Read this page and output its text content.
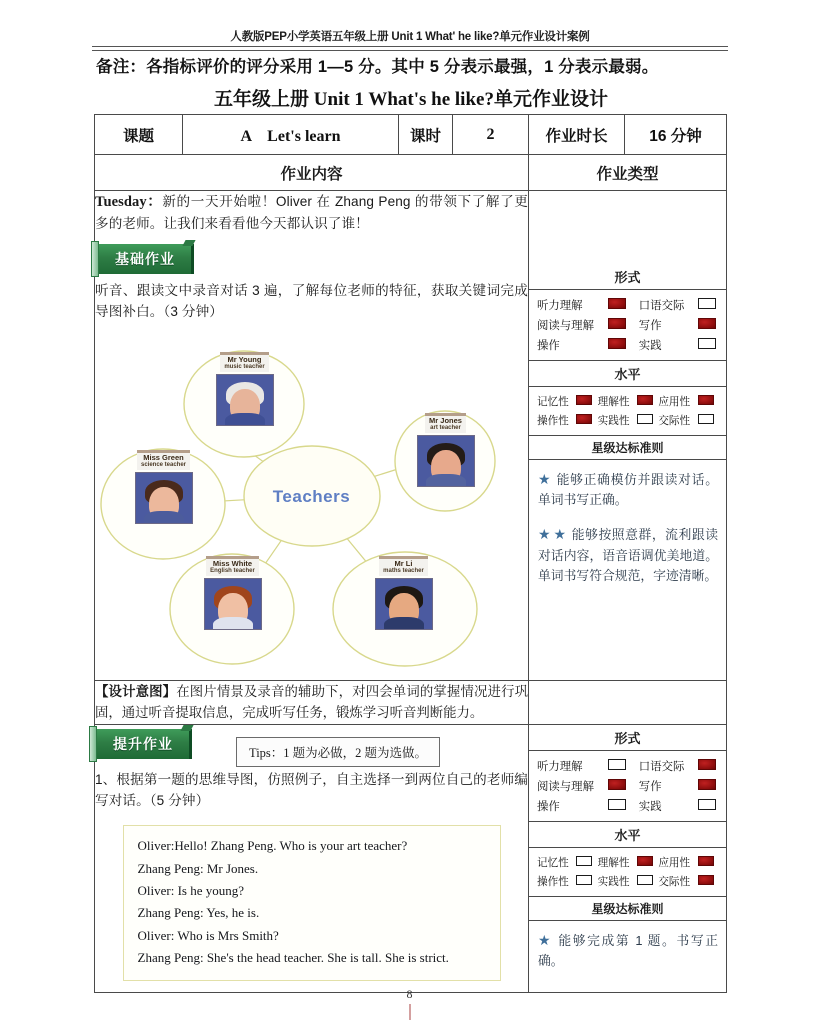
人教版PEP小学英语五年级上册 Unit 1 What' he like?单元作业设计案例
备注：各指标评价的评分采用 1—5 分。其中 5 分表示最强，1 分表示最弱。
五年级上册 Unit 1 What's he like?单元作业设计
课题	A　Let's learn	课时	2	作业时长	16 分钟
作业内容	作业类型

Tuesday：新的一天开始啦！Oliver 在 Zhang Peng 的带领下了解了更多的老师。让我们来看看他今天都认识了谁！
基础作业
听音、跟读文中录音对话 3 遍，了解每位老师的特征，获取关键词完成导图补白。（3 分钟）
Mr Young
music teacher
Mr Jones
art teacher
Miss Green
science teacher
Miss White
English teacher
Mr Li
maths teacher
Teachers

形式
听力理解		口语交际	
阅读与理解		写作	
操作		实践	
水平
记忆性		理解性		应用性	
操作性		实践性		交际性	
星级达标准则
★ 能够正确模仿并跟读对话。单词书写正确。
★ ★ 能够按照意群，流利跟读对话内容，语音语调优美地道。单词书写符合规范，字迹清晰。

【设计意图】在图片情景及录音的辅助下，对四会单词的掌握情况进行巩固，通过听音提取信息，完成听写任务，锻炼学习听音判断能力。	

提升作业
Tips：1 题为必做，2 题为选做。
1、根据第一题的思维导图，仿照例子，自主选择一到两位自己的老师编写对话。（5 分钟）
Oliver:Hello! Zhang Peng. Who is your art teacher?
Zhang Peng: Mr Jones.
Oliver: Is he young?
Zhang Peng: Yes, he is.
Oliver: Who is Mrs Smith?
Zhang Peng: She's the head teacher. She is tall. She is strict.

形式
听力理解		口语交际	
阅读与理解		写作	
操作		实践	
水平
记忆性		理解性		应用性	
操作性		实践性		交际性	
星级达标准则
★ 能够完成第 1 题。书写正确。
8
